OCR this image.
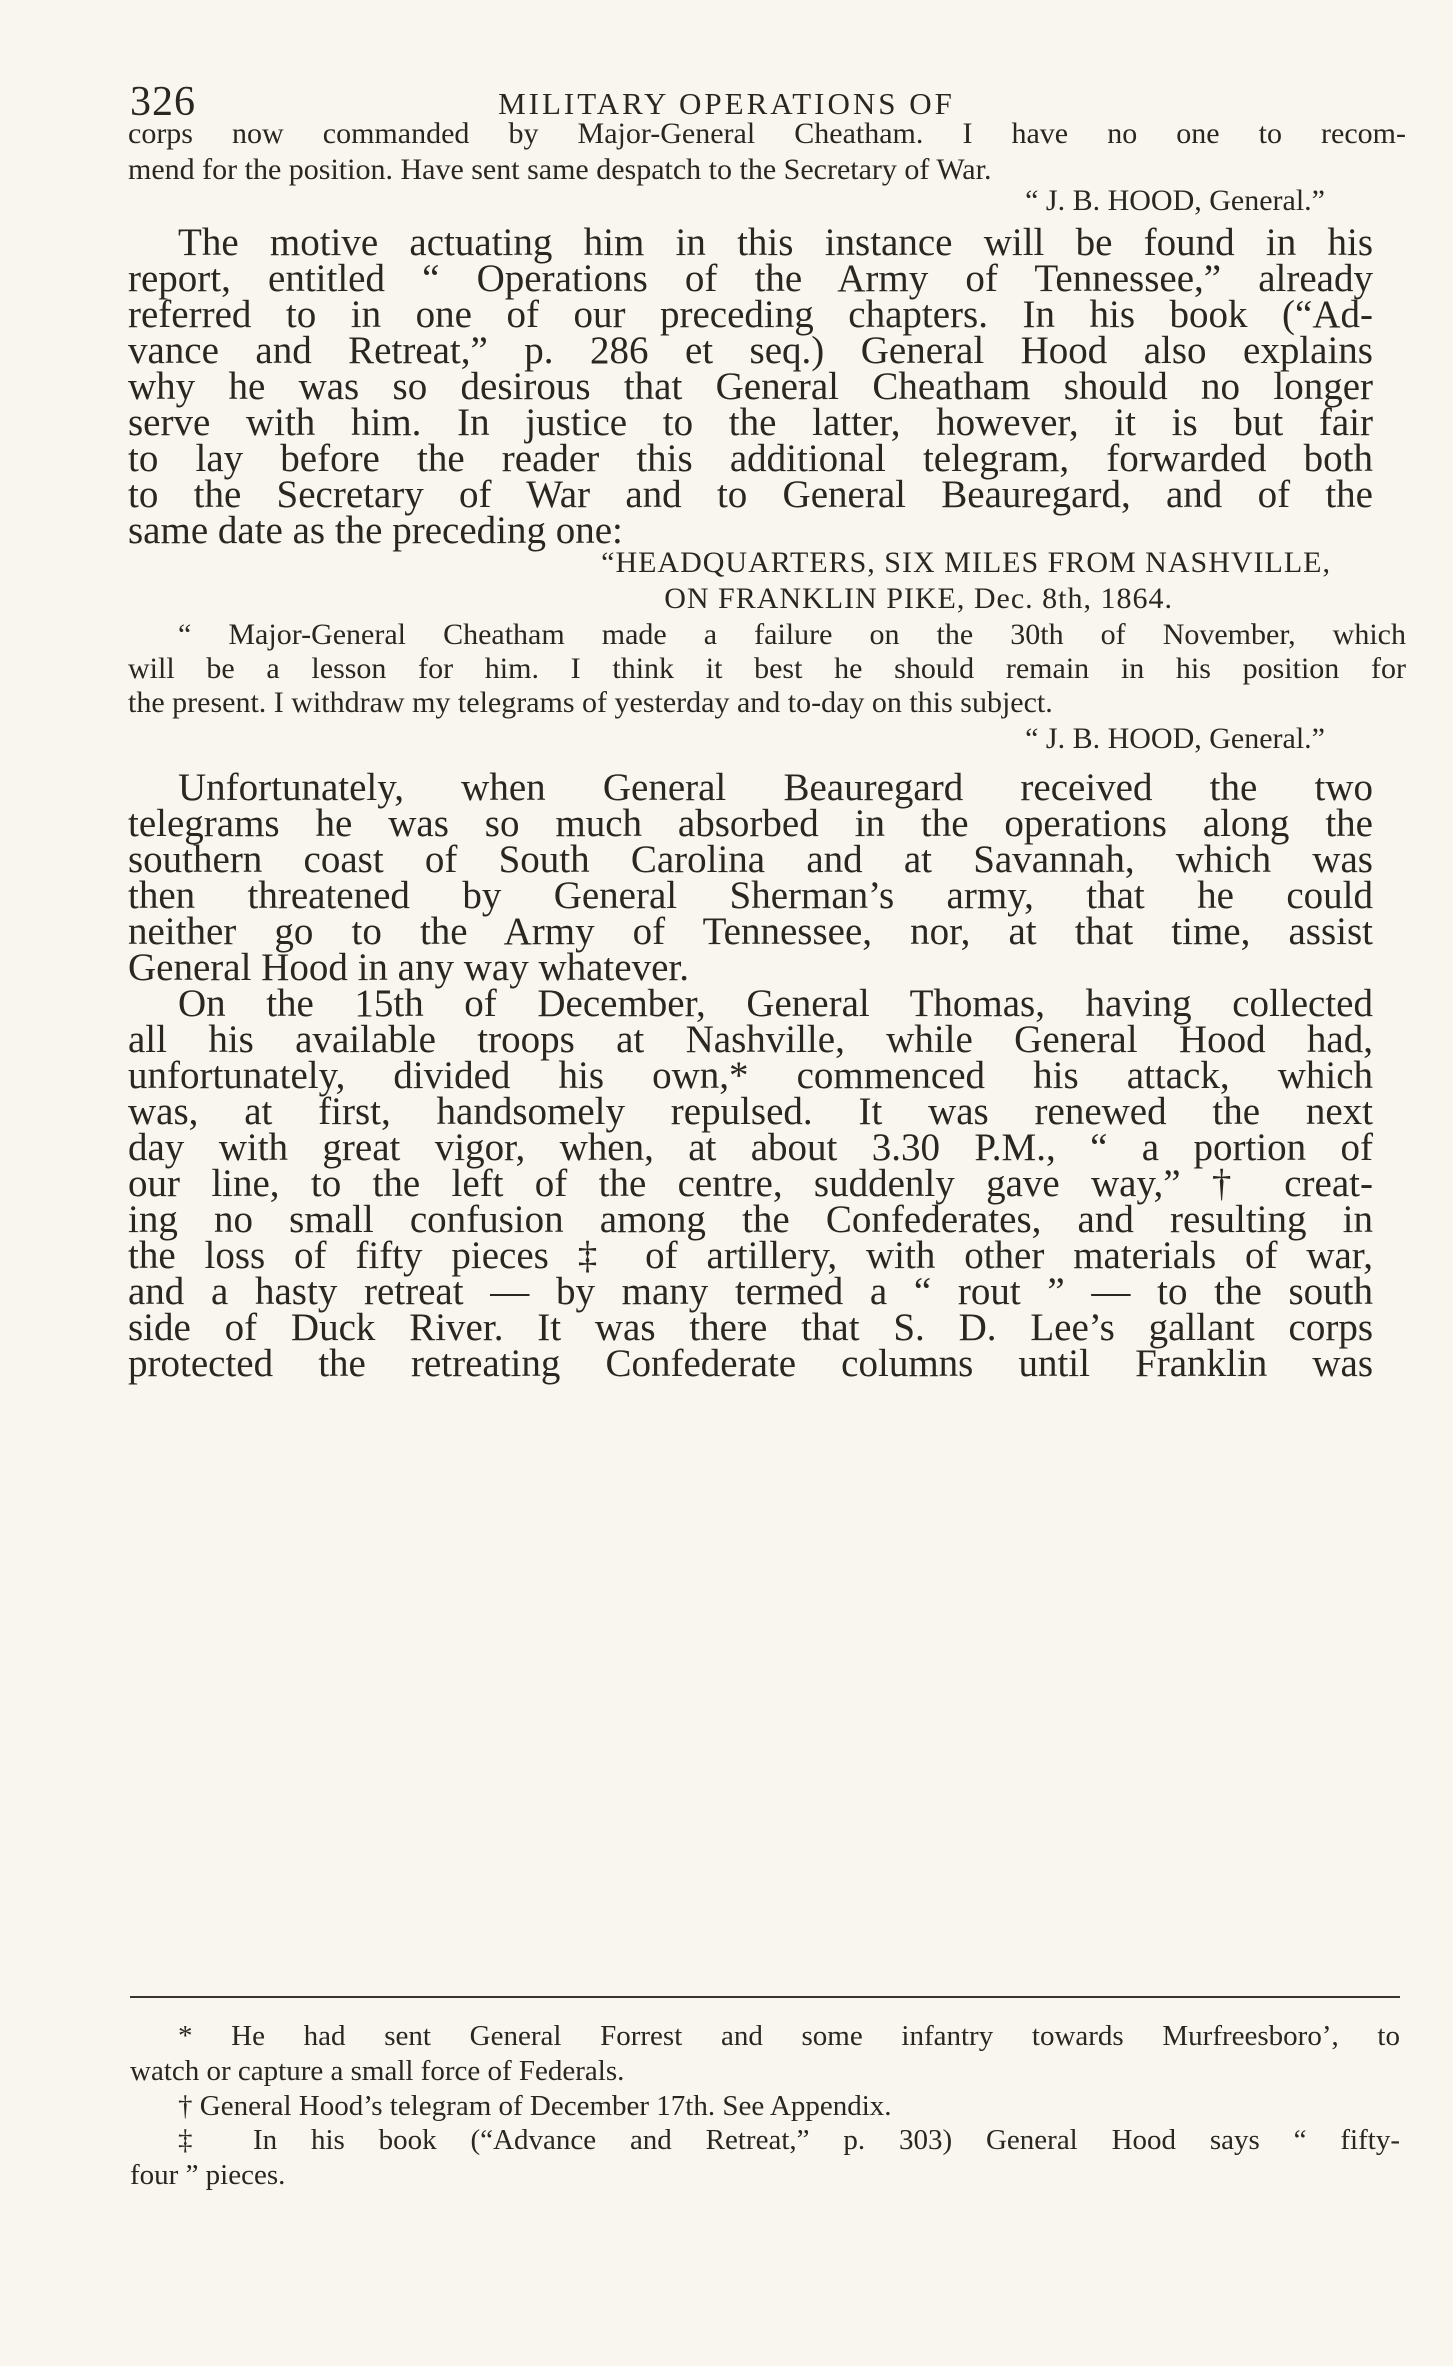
326	MILITARY OPERATIONS OF
corps now commanded by Major-General Cheatham. I have no one to recom-
mend for the position. Have sent same despatch to the Secretary of War.
“ J. B. HOOD, General.”
The motive actuating him in this instance will be found in his
report, entitled “ Operations of the Army of Tennessee,” already
referred to in one of our preceding chapters. In his book (“Ad-
vance and Retreat,” p. 286 et seq.) General Hood also explains
why he was so desirous that General Cheatham should no longer
serve with him. In justice to the latter, however, it is but fair
to lay before the reader this additional telegram, forwarded both
to the Secretary of War and to General Beauregard, and of the
same date as the preceding one:
“HEADQUARTERS, SIX MILES FROM NASHVILLE,
ON FRANKLIN PIKE, Dec. 8th, 1864.
“ Major-General Cheatham made a failure on the 30th of November, which
will be a lesson for him. I think it best he should remain in his position for
the present. I withdraw my telegrams of yesterday and to-day on this subject.
“ J. B. HOOD, General.”
Unfortunately, when General Beauregard received the two
telegrams he was so much absorbed in the operations along the
southern coast of South Carolina and at Savannah, which was
then threatened by General Sherman’s army, that he could
neither go to the Army of Tennessee, nor, at that time, assist
General Hood in any way whatever.
On the 15th of December, General Thomas, having collected
all his available troops at Nashville, while General Hood had,
unfortunately, divided his own,* commenced his attack, which
was, at first, handsomely repulsed. It was renewed the next
day with great vigor, when, at about 3.30 P.M., “ a portion of
our line, to the left of the centre, suddenly gave way,” † creat-
ing no small confusion among the Confederates, and resulting in
the loss of fifty pieces ‡ of artillery, with other materials of war,
and a hasty retreat — by many termed a “ rout ” — to the south
side of Duck River. It was there that S. D. Lee’s gallant corps
protected the retreating Confederate columns until Franklin was
* He had sent General Forrest and some infantry towards Murfreesboro’, to
watch or capture a small force of Federals.
† General Hood’s telegram of December 17th. See Appendix.
‡ In his book (“Advance and Retreat,” p. 303) General Hood says “ fifty-
four ” pieces.
